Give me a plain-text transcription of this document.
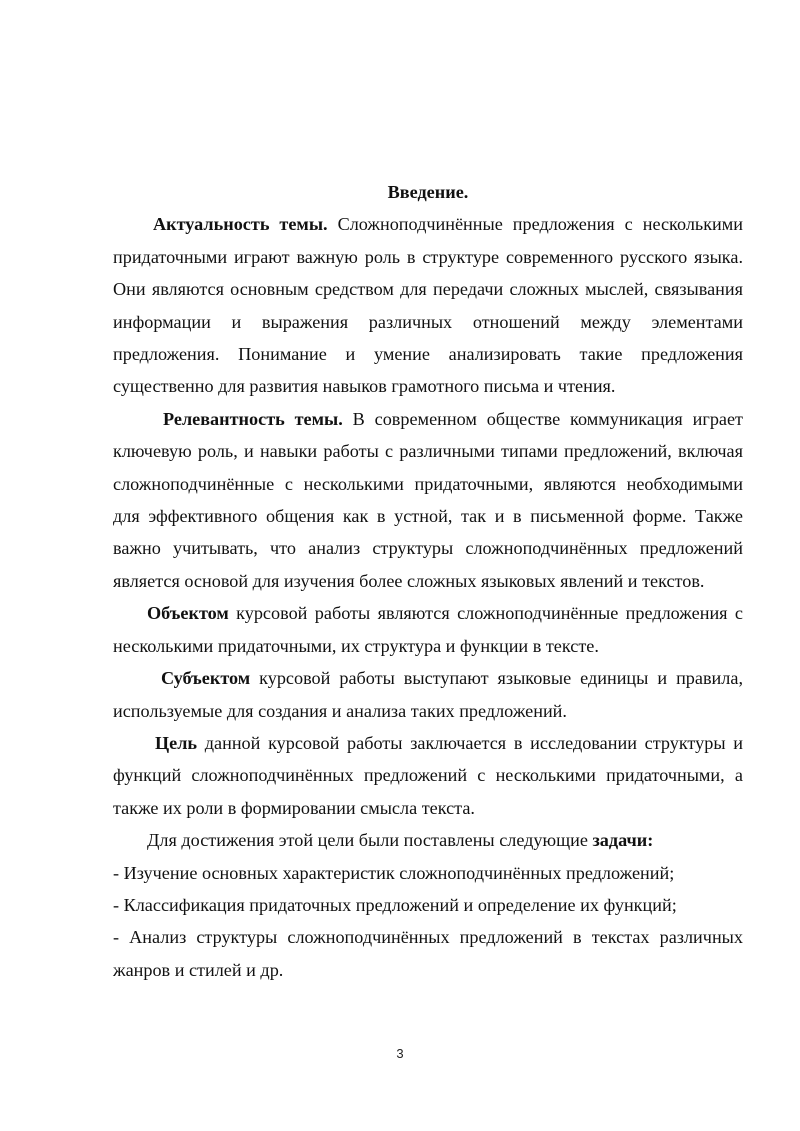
Введение.

Актуальность темы. Сложноподчинённые предложения с несколькими придаточными играют важную роль в структуре современного русского языка. Они являются основным средством для передачи сложных мыслей, связывания информации и выражения различных отношений между элементами предложения. Понимание и умение анализировать такие предложения существенно для развития навыков грамотного письма и чтения.

Релевантность темы. В современном обществе коммуникация играет ключевую роль, и навыки работы с различными типами предложений, включая сложноподчинённые с несколькими придаточными, являются необходимыми для эффективного общения как в устной, так и в письменной форме. Также важно учитывать, что анализ структуры сложноподчинённых предложений является основой для изучения более сложных языковых явлений и текстов.

Объектом курсовой работы являются сложноподчинённые предложения с несколькими придаточными, их структура и функции в тексте.

Субъектом курсовой работы выступают языковые единицы и правила, используемые для создания и анализа таких предложений.

Цель данной курсовой работы заключается в исследовании структуры и функций сложноподчинённых предложений с несколькими придаточными, а также их роли в формировании смысла текста.

Для достижения этой цели были поставлены следующие задачи:

- Изучение основных характеристик сложноподчинённых предложений;

- Классификация придаточных предложений и определение их функций;

- Анализ структуры сложноподчинённых предложений в текстах различных жанров и стилей и др.

3
